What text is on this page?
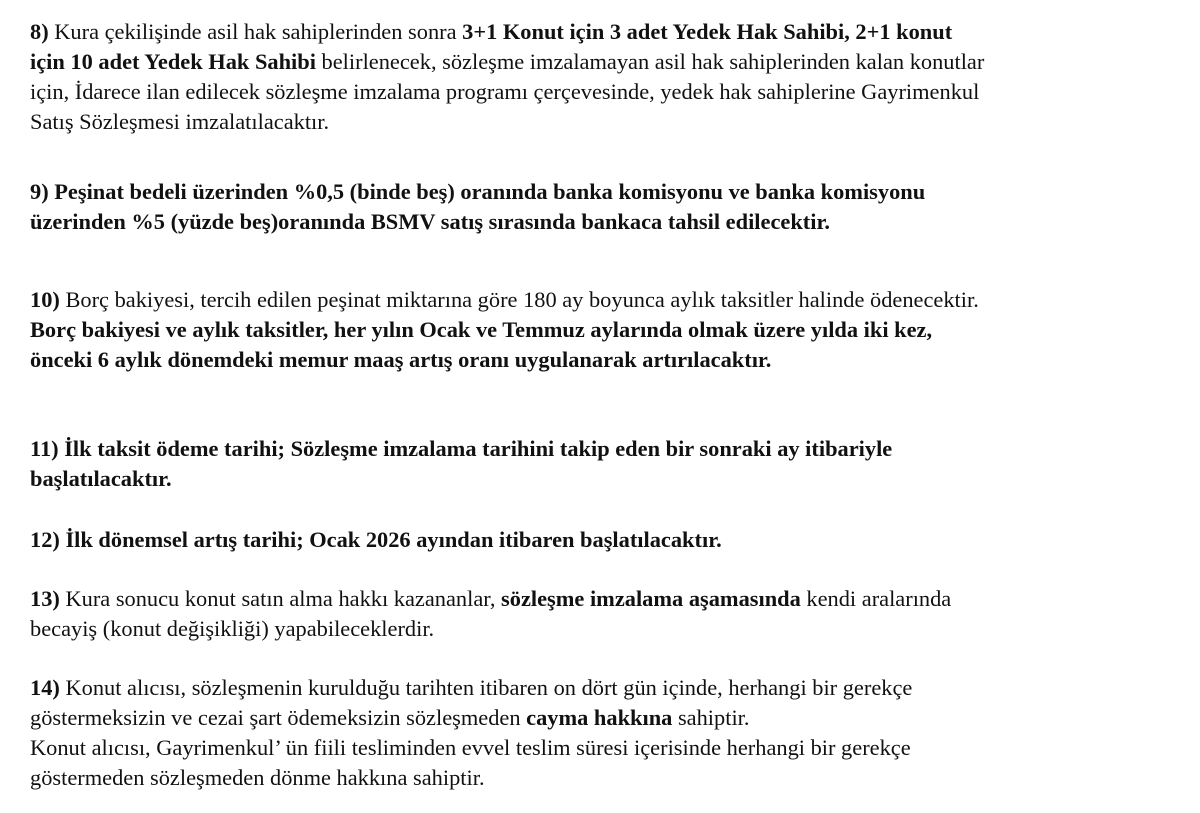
8) Kura çekilişinde asil hak sahiplerinden sonra 3+1 Konut için 3 adet Yedek Hak Sahibi, 2+1 konut
için 10 adet Yedek Hak Sahibi belirlenecek, sözleşme imzalamayan asil hak sahiplerinden kalan konutlar
için, İdarece ilan edilecek sözleşme imzalama programı çerçevesinde, yedek hak sahiplerine Gayrimenkul
Satış Sözleşmesi imzalatılacaktır.

9) Peşinat bedeli üzerinden %0,5 (binde beş) oranında banka komisyonu ve banka komisyonu
üzerinden %5 (yüzde beş)oranında BSMV satış sırasında bankaca tahsil edilecektir.

10) Borç bakiyesi, tercih edilen peşinat miktarına göre 180 ay boyunca aylık taksitler halinde ödenecektir.
Borç bakiyesi ve aylık taksitler, her yılın Ocak ve Temmuz aylarında olmak üzere yılda iki kez,
önceki 6 aylık dönemdeki memur maaş artış oranı uygulanarak artırılacaktır.

11) İlk taksit ödeme tarihi; Sözleşme imzalama tarihini takip eden bir sonraki ay itibariyle
başlatılacaktır.

12) İlk dönemsel artış tarihi; Ocak 2026 ayından itibaren başlatılacaktır.

13) Kura sonucu konut satın alma hakkı kazananlar, sözleşme imzalama aşamasında kendi aralarında
becayiş (konut değişikliği) yapabileceklerdir.

14) Konut alıcısı, sözleşmenin kurulduğu tarihten itibaren on dört gün içinde, herhangi bir gerekçe
göstermeksizin ve cezai şart ödemeksizin sözleşmeden cayma hakkına sahiptir.
Konut alıcısı, Gayrimenkul’ ün fiili tesliminden evvel teslim süresi içerisinde herhangi bir gerekçe
göstermeden sözleşmeden dönme hakkına sahiptir.
